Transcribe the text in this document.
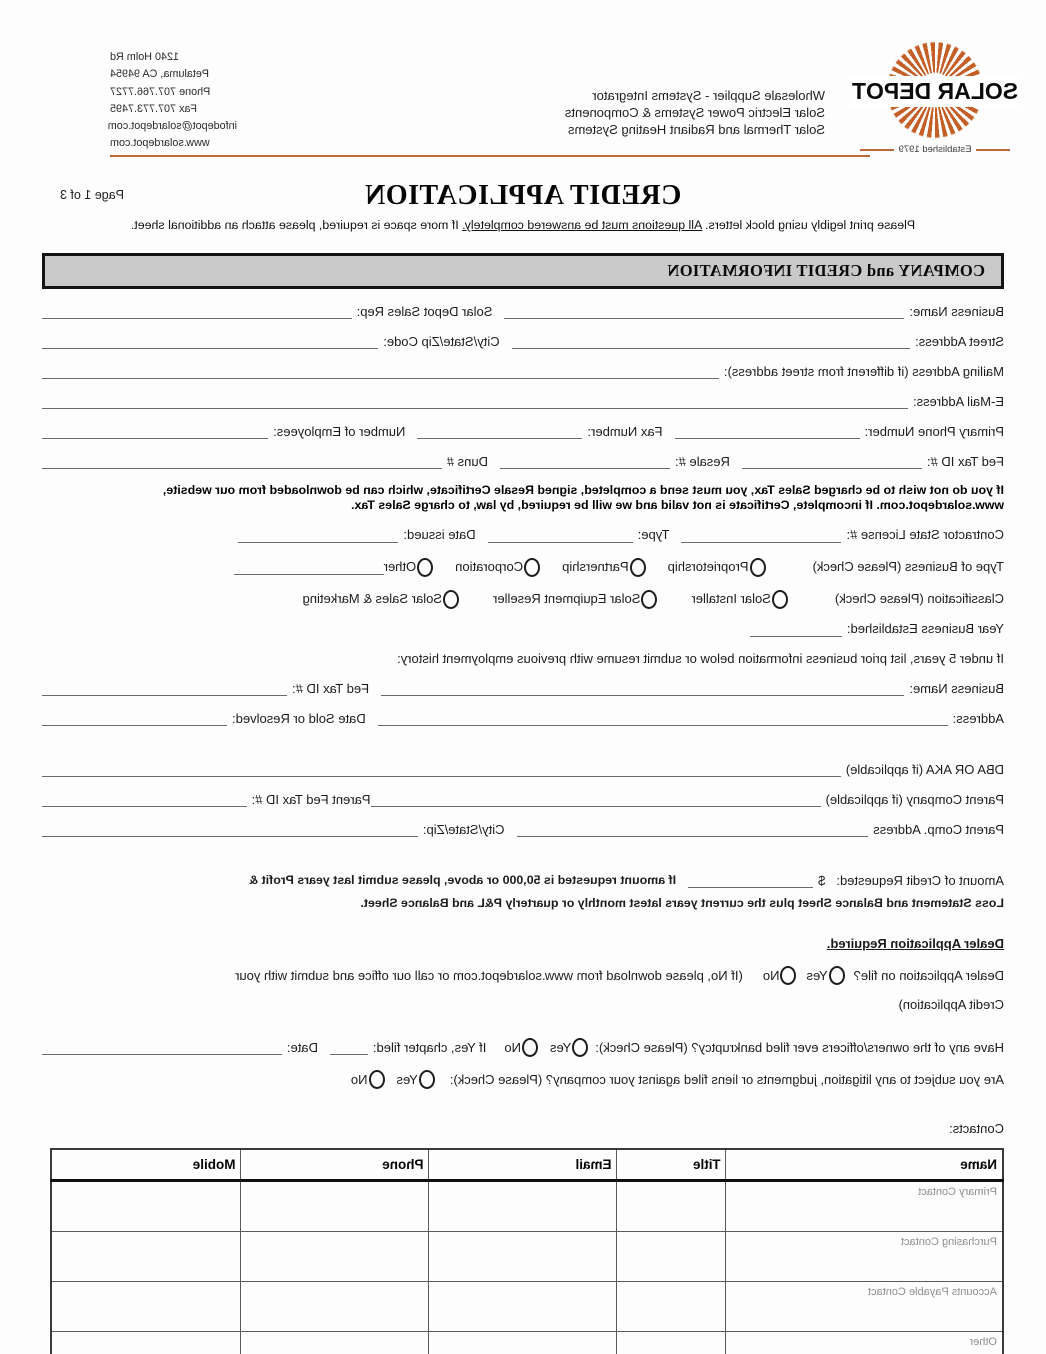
SOLAR DEPOT
Established 1979
Wholesale Supplier - Systems Integrator
Solar Electric Power Systems & Components
Solar Thermal and Radiant Heating Systems
1240 Holm Rd
Petaluma, CA 94954
Phone 707.766.7727
Fax 707.773.7495
infodepot@solardepot.com
www.solardepot.com
CREDIT APPLICATION
Page 1 of 3
Please print legibly using block letters. All questions must be answered completely. If more space is required, please attach an additional sheet.
COMPANY and CREDIT INFORMATION
Business Name:
Solar Depot Sales Rep:
Street Address:
City/State/Zip Code:
Mailing Address (if different from street address):
E-Mail Address:
Primary Phone Number:
Fax Number:
Number of Employees:
Fed Tax ID #:
Resale #:
Duns #
If you do not wish to be charged Sales Tax, you must send a completed, signed Resale Certificate, which can be downloaded from our website, www.solardepot.com. If incomplete, Certificate is not valid and we will be required, by law, to charge Sales Tax.
Contractor State License #:
Type:
Date issued:
Type of Business (Please Check)
Proprietorship
Partnership
Corporation
Other
Classification (Please Check)
Solar Installer
Solar Equipment Reseller
Solar Sales & Marketing
Year Business Established:
If under 5 years, list prior business information below or submit resume with previous employment history:
Business Name:
Fed Tax ID #:
Address:
Date Sold or Resolved:
DBA OR AKA (if applicable)
Parent Company (if applicable)
Parent Fed Tax ID #:
Parent Comp. Address
City/State/Zip:
Amount of Credit Requested:
$
If amount requested is 50,000 or above, please submit last years Profit &
Loss Statement and Balance Sheet plus the current years latest monthly or quarterly P&L and Balance Sheet.
Dealer Application Required.
Dealer Application on file?
Yes
No
(If No, please download from www.solardepot.com or call our office and submit with your
Credit Application)
Have any of the owners/officers ever filed bankruptcy? (Please Check):
Yes
No
If Yes, chapter filed:
Date:
Are you subject to any litigation, judgments or liens filed against your company? (Please Check):
Yes
No
Contacts:
Name	Title	Email	Phone	Mobile
Primary Contact				
Purchasing Contact				
Accounts Payable Contact				
Other				
